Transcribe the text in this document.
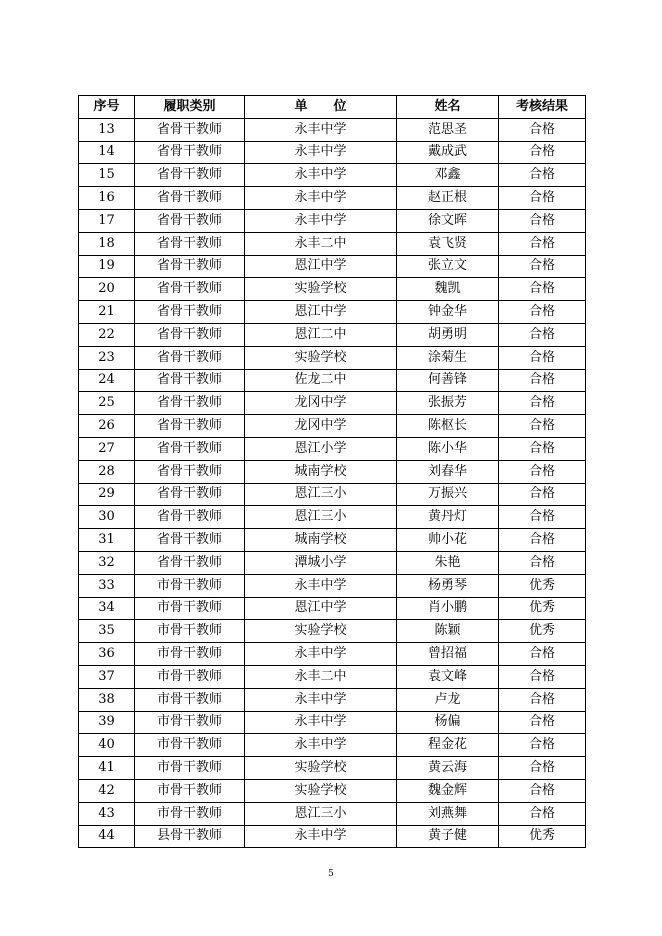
序号	履职类别	单　　位	姓名	考核结果
13	省骨干教师	永丰中学	范思圣	合格
14	省骨干教师	永丰中学	戴成武	合格
15	省骨干教师	永丰中学	邓鑫	合格
16	省骨干教师	永丰中学	赵正根	合格
17	省骨干教师	永丰中学	徐文晖	合格
18	省骨干教师	永丰二中	袁飞贤	合格
19	省骨干教师	恩江中学	张立文	合格
20	省骨干教师	实验学校	魏凯	合格
21	省骨干教师	恩江中学	钟金华	合格
22	省骨干教师	恩江二中	胡勇明	合格
23	省骨干教师	实验学校	涂菊生	合格
24	省骨干教师	佐龙二中	何善锋	合格
25	省骨干教师	龙冈中学	张振芳	合格
26	省骨干教师	龙冈中学	陈枢长	合格
27	省骨干教师	恩江小学	陈小华	合格
28	省骨干教师	城南学校	刘春华	合格
29	省骨干教师	恩江三小	万振兴	合格
30	省骨干教师	恩江三小	黄丹灯	合格
31	省骨干教师	城南学校	帅小花	合格
32	省骨干教师	潭城小学	朱艳	合格
33	市骨干教师	永丰中学	杨勇琴	优秀
34	市骨干教师	恩江中学	肖小鹏	优秀
35	市骨干教师	实验学校	陈颖	优秀
36	市骨干教师	永丰中学	曾招福	合格
37	市骨干教师	永丰二中	袁文峰	合格
38	市骨干教师	永丰中学	卢龙	合格
39	市骨干教师	永丰中学	杨偏	合格
40	市骨干教师	永丰中学	程金花	合格
41	市骨干教师	实验学校	黄云海	合格
42	市骨干教师	实验学校	魏金辉	合格
43	市骨干教师	恩江三小	刘燕舞	合格
44	县骨干教师	永丰中学	黄子健	优秀
5
